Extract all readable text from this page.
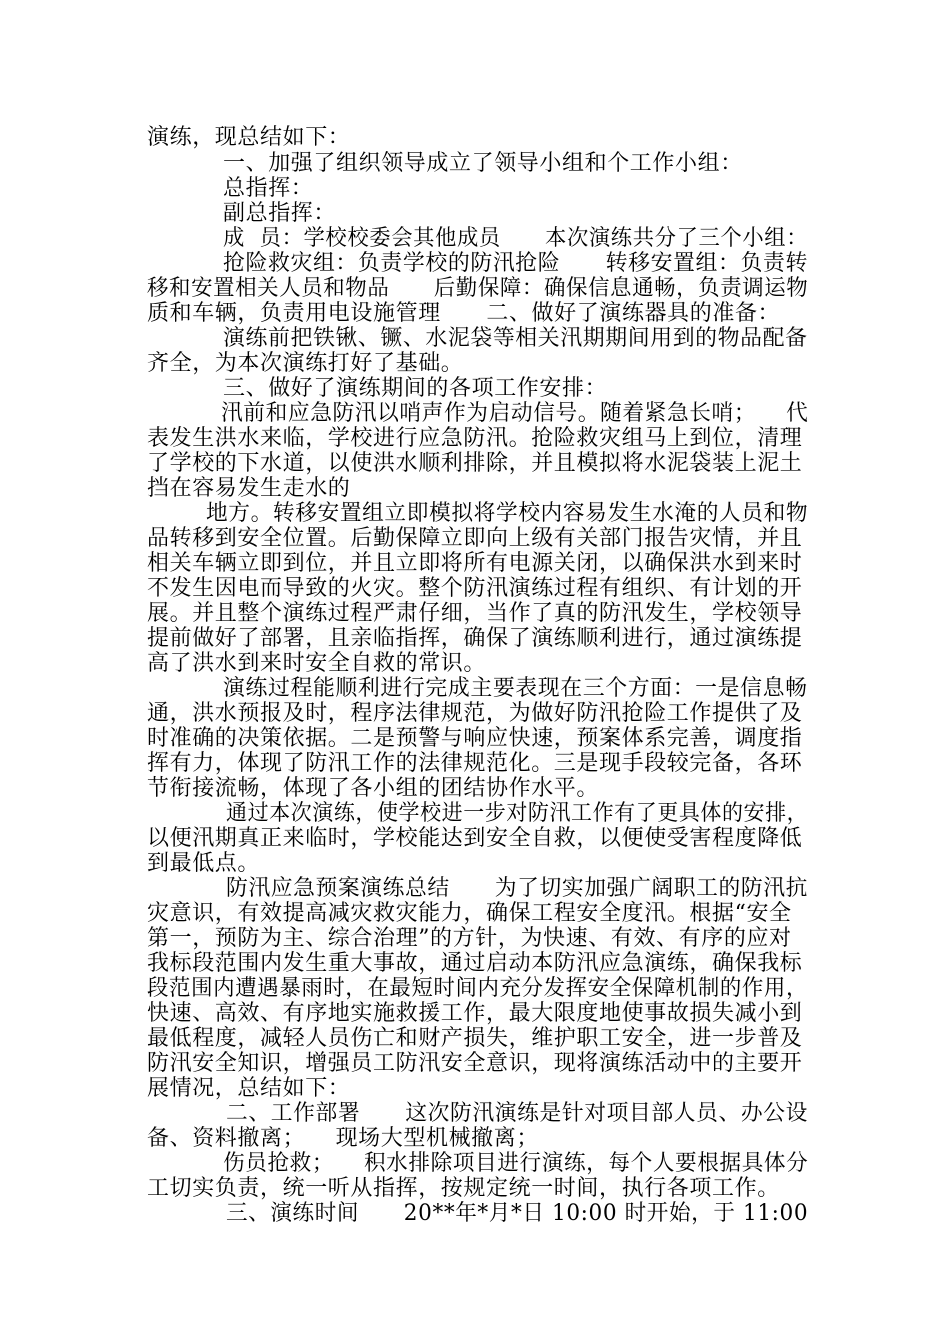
演练，现总结如下：
一、加强了组织领导成立了领导小组和个工作小组：
总指挥：
副总指挥：
成  员：学校校委会其他成员      本次演练共分了三个小组：
抢险救灾组：负责学校的防汛抢险      转移安置组：负责转
移和安置相关人员和物品      后勤保障：确保信息通畅，负责调运物
质和车辆，负责用电设施管理      二、做好了演练器具的准备：
演练前把铁锹、镢、水泥袋等相关汛期期间用到的物品配备
齐全，为本次演练打好了基础。
三、做好了演练期间的各项工作安排：
汛前和应急防汛以哨声作为启动信号。随着紧急长哨；    代
表发生洪水来临，学校进行应急防汛。抢险救灾组马上到位，清理
了学校的下水道，以使洪水顺利排除，并且模拟将水泥袋装上泥土
挡在容易发生走水的
地方。转移安置组立即模拟将学校内容易发生水淹的人员和物
品转移到安全位置。后勤保障立即向上级有关部门报告灾情，并且
相关车辆立即到位，并且立即将所有电源关闭，以确保洪水到来时
不发生因电而导致的火灾。整个防汛演练过程有组织、有计划的开
展。并且整个演练过程严肃仔细，当作了真的防汛发生，学校领导
提前做好了部署，且亲临指挥，确保了演练顺利进行，通过演练提
高了洪水到来时安全自救的常识。
演练过程能顺利进行完成主要表现在三个方面：一是信息畅
通，洪水预报及时，程序法律规范，为做好防汛抢险工作提供了及
时准确的决策依据。二是预警与响应快速，预案体系完善，调度指
挥有力，体现了防汛工作的法律规范化。三是现手段较完备，各环
节衔接流畅，体现了各小组的团结协作水平。
通过本次演练，使学校进一步对防汛工作有了更具体的安排，
以便汛期真正来临时，学校能达到安全自救，以便使受害程度降低
到最低点。
防汛应急预案演练总结      为了切实加强广阔职工的防汛抗
灾意识，有效提高减灾救灾能力，确保工程安全度汛。根据“安全
第一，预防为主、综合治理”的方针，为快速、有效、有序的应对
我标段范围内发生重大事故，通过启动本防汛应急演练，确保我标
段范围内遭遇暴雨时，在最短时间内充分发挥安全保障机制的作用，
快速、高效、有序地实施救援工作，最大限度地使事故损失减小到
最低程度，减轻人员伤亡和财产损失，维护职工安全，进一步普及
防汛安全知识，增强员工防汛安全意识，现将演练活动中的主要开
展情况，总结如下：
二、工作部署      这次防汛演练是针对项目部人员、办公设
备、资料撤离；    现场大型机械撤离；
伤员抢救；    积水排除项目进行演练，每个人要根据具体分
工切实负责，统一听从指挥，按规定统一时间，执行各项工作。
三、演练时间      20**年*月*日 10:00 时开始，于 11:00
